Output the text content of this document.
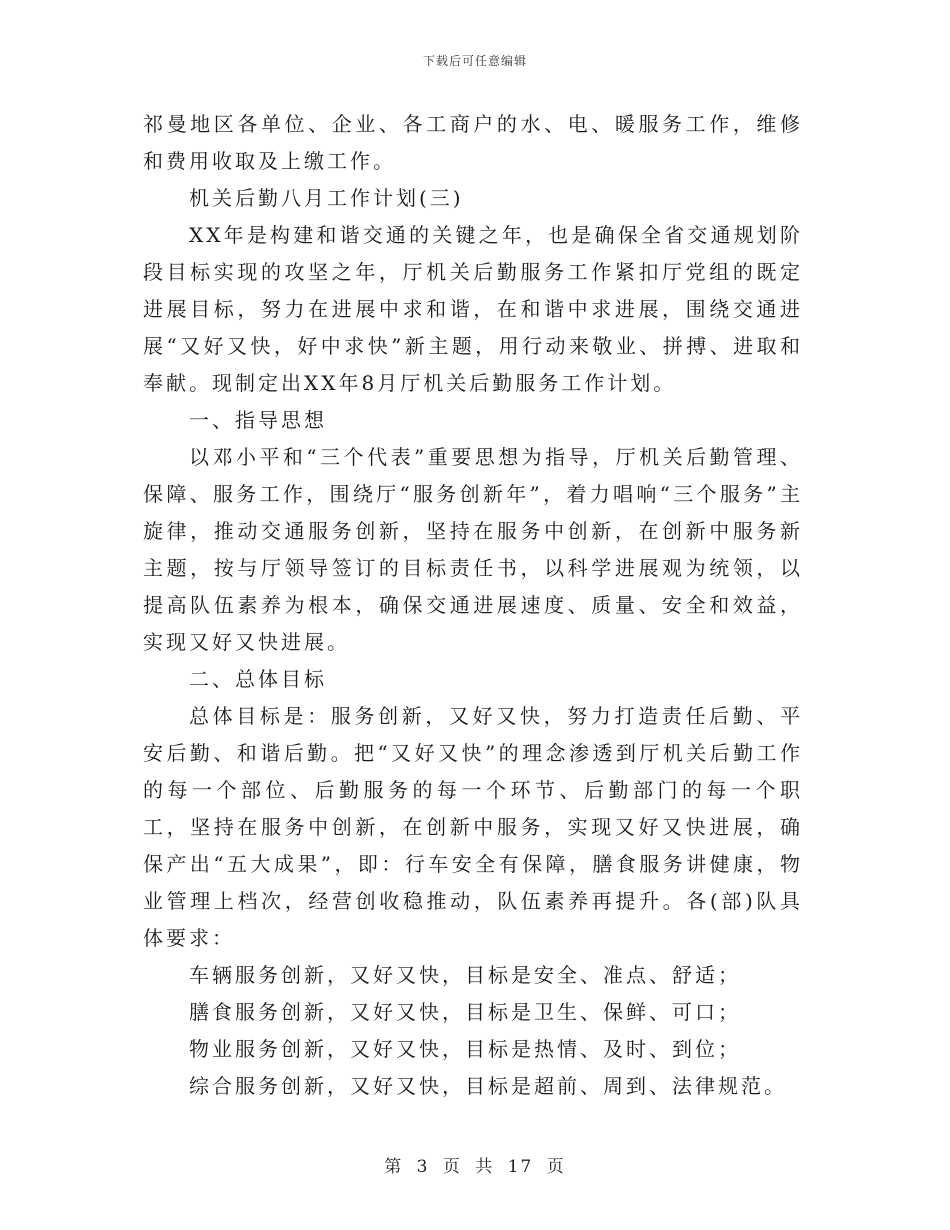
下载后可任意编辑

祁曼地区各单位、企业、各工商户的水、电、暖服务工作，维修和费用收取及上缴工作。

机关后勤八月工作计划(三)

XX年是构建和谐交通的关键之年，也是确保全省交通规划阶段目标实现的攻坚之年，厅机关后勤服务工作紧扣厅党组的既定进展目标，努力在进展中求和谐，在和谐中求进展，围绕交通进展“又好又快，好中求快”新主题，用行动来敬业、拼搏、进取和奉献。现制定出XX年8月厅机关后勤服务工作计划。

一、指导思想

以邓小平和“三个代表”重要思想为指导，厅机关后勤管理、保障、服务工作，围绕厅“服务创新年”，着力唱响“三个服务”主旋律，推动交通服务创新，坚持在服务中创新，在创新中服务新主题，按与厅领导签订的目标责任书，以科学进展观为统领，以提高队伍素养为根本，确保交通进展速度、质量、安全和效益，实现又好又快进展。

二、总体目标

总体目标是：服务创新，又好又快，努力打造责任后勤、平安后勤、和谐后勤。把“又好又快”的理念渗透到厅机关后勤工作的每一个部位、后勤服务的每一个环节、后勤部门的每一个职工，坚持在服务中创新，在创新中服务，实现又好又快进展，确保产出“五大成果”，即：行车安全有保障，膳食服务讲健康，物业管理上档次，经营创收稳推动，队伍素养再提升。各(部)队具体要求：

车辆服务创新，又好又快，目标是安全、准点、舒适；

膳食服务创新，又好又快，目标是卫生、保鲜、可口；

物业服务创新，又好又快，目标是热情、及时、到位；

综合服务创新，又好又快，目标是超前、周到、法律规范。

第 3 页 共 17 页
